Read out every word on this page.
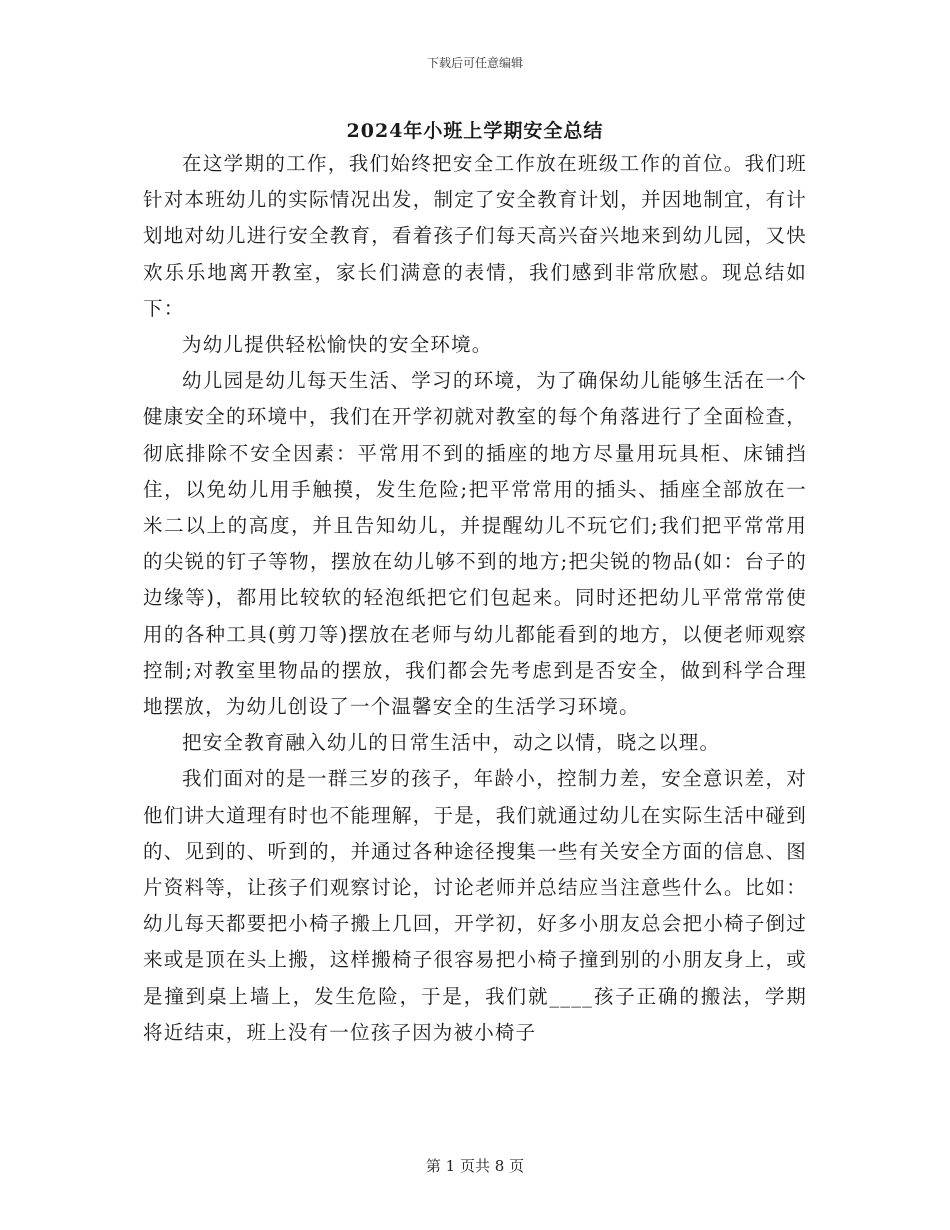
下载后可任意编辑
2024年小班上学期安全总结

在这学期的工作，我们始终把安全工作放在班级工作的首位。我们班针对本班幼儿的实际情况出发，制定了安全教育计划，并因地制宜，有计划地对幼儿进行安全教育，看着孩子们每天高兴奋兴地来到幼儿园，又快欢乐乐地离开教室，家长们满意的表情，我们感到非常欣慰。现总结如下：

为幼儿提供轻松愉快的安全环境。

幼儿园是幼儿每天生活、学习的环境，为了确保幼儿能够生活在一个健康安全的环境中，我们在开学初就对教室的每个角落进行了全面检查，彻底排除不安全因素：平常用不到的插座的地方尽量用玩具柜、床铺挡住，以免幼儿用手触摸，发生危险;把平常常用的插头、插座全部放在一米二以上的高度，并且告知幼儿，并提醒幼儿不玩它们;我们把平常常用的尖锐的钉子等物，摆放在幼儿够不到的地方;把尖锐的物品(如：台子的边缘等)，都用比较软的轻泡纸把它们包起来。同时还把幼儿平常常常使用的各种工具(剪刀等)摆放在老师与幼儿都能看到的地方，以便老师观察控制;对教室里物品的摆放，我们都会先考虑到是否安全，做到科学合理地摆放，为幼儿创设了一个温馨安全的生活学习环境。

把安全教育融入幼儿的日常生活中，动之以情，晓之以理。

我们面对的是一群三岁的孩子，年龄小，控制力差，安全意识差，对他们讲大道理有时也不能理解，于是，我们就通过幼儿在实际生活中碰到的、见到的、听到的，并通过各种途径搜集一些有关安全方面的信息、图片资料等，让孩子们观察讨论，讨论老师并总结应当注意些什么。比如：幼儿每天都要把小椅子搬上几回，开学初，好多小朋友总会把小椅子倒过来或是顶在头上搬，这样搬椅子很容易把小椅子撞到别的小朋友身上，或是撞到桌上墙上，发生危险，于是，我们就____孩子正确的搬法，学期将近结束，班上没有一位孩子因为被小椅子

第 1 页共 8 页
